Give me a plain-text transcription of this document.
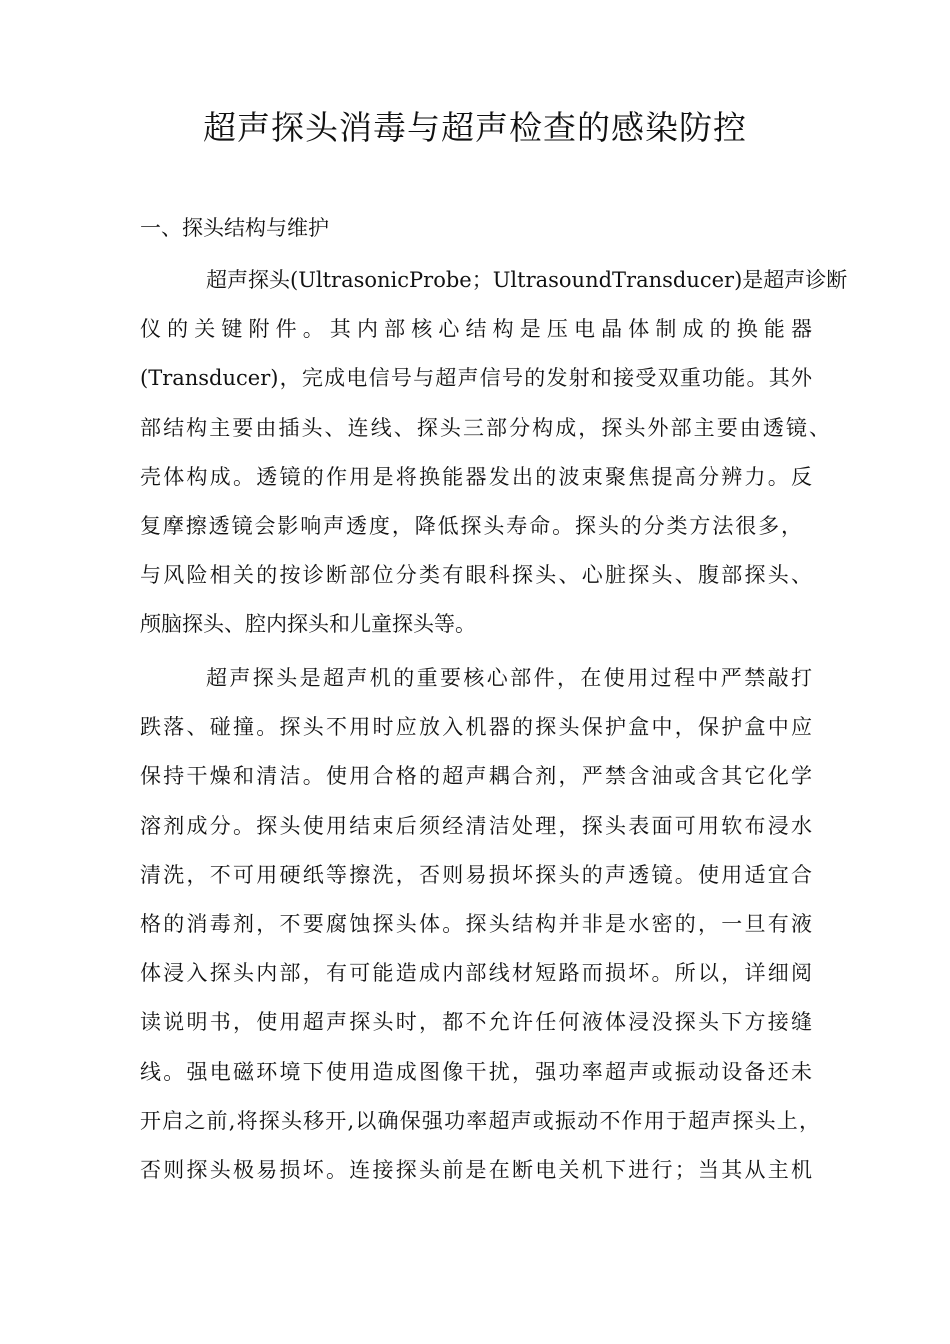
超声探头消毒与超声检查的感染防控
一、探头结构与维护
超声探头(UltrasonicProbe；UltrasoundTransducer)是超声诊断
仪的关键附件。其内部核心结构是压电晶体制成的换能器
(Transducer)，完成电信号与超声信号的发射和接受双重功能。其外
部结构主要由插头、连线、探头三部分构成，探头外部主要由透镜、
壳体构成。透镜的作用是将换能器发出的波束聚焦提高分辨力。反
复摩擦透镜会影响声透度，降低探头寿命。探头的分类方法很多，
与风险相关的按诊断部位分类有眼科探头、心脏探头、腹部探头、
颅脑探头、腔内探头和儿童探头等。
超声探头是超声机的重要核心部件，在使用过程中严禁敲打
跌落、碰撞。探头不用时应放入机器的探头保护盒中，保护盒中应
保持干燥和清洁。使用合格的超声耦合剂，严禁含油或含其它化学
溶剂成分。探头使用结束后须经清洁处理，探头表面可用软布浸水
清洗，不可用硬纸等擦洗，否则易损坏探头的声透镜。使用适宜合
格的消毒剂，不要腐蚀探头体。探头结构并非是水密的，一旦有液
体浸入探头内部，有可能造成内部线材短路而损坏。所以，详细阅
读说明书，使用超声探头时，都不允许任何液体浸没探头下方接缝
线。强电磁环境下使用造成图像干扰，强功率超声或振动设备还未
开启之前,将探头移开,以确保强功率超声或振动不作用于超声探头上，
否则探头极易损坏。连接探头前是在断电关机下进行；当其从主机
